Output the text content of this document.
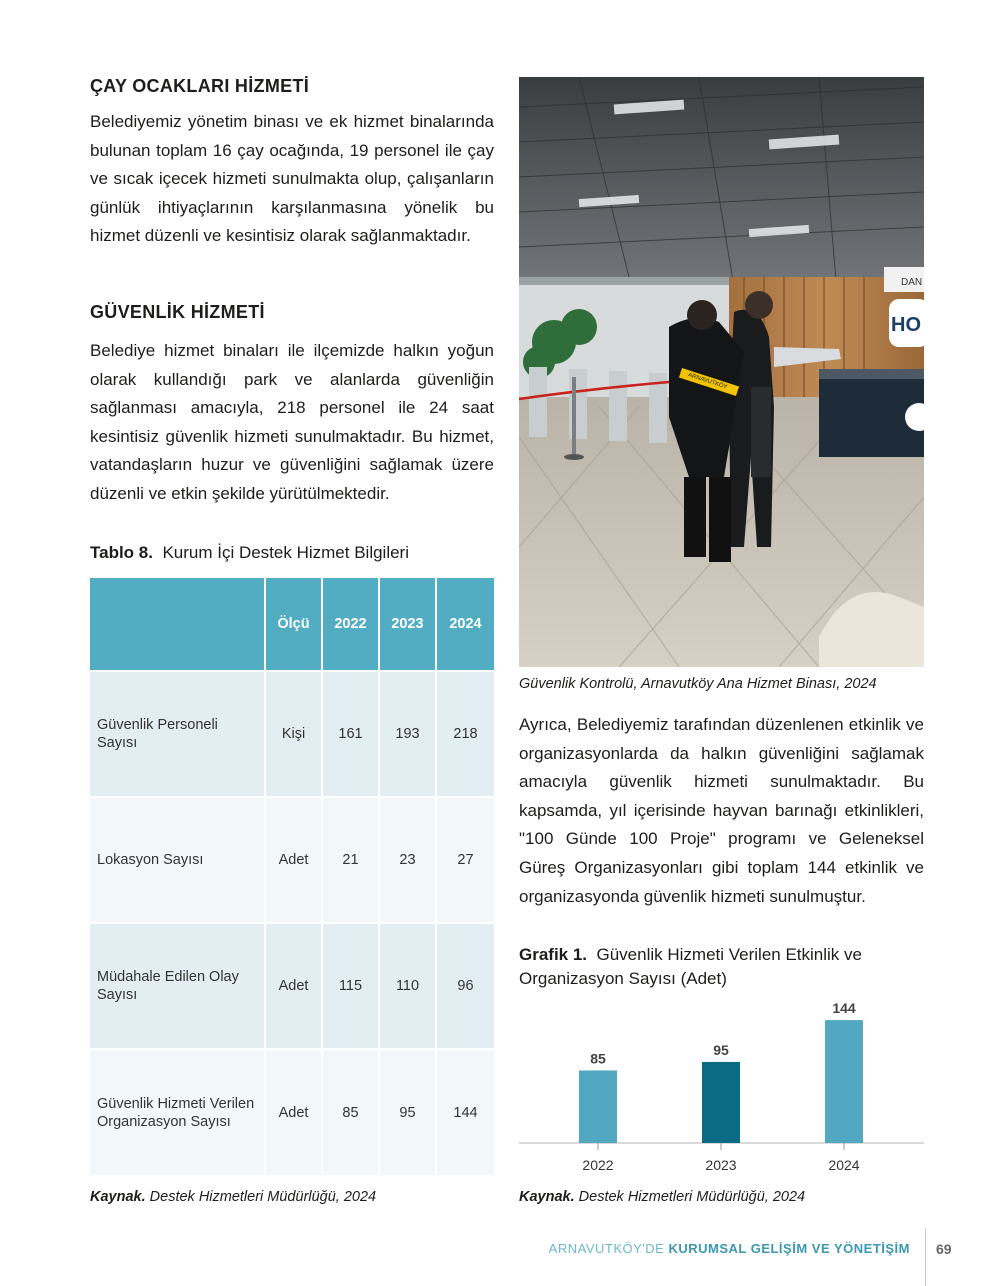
ÇAY OCAKLARI HİZMETİ

Belediyemiz yönetim binası ve ek hizmet binalarında bulunan toplam 16 çay ocağında, 19 personel ile çay ve sıcak içecek hizmeti sunulmakta olup, çalışanların günlük ihtiyaçlarının karşılanmasına yönelik bu hizmet düzenli ve kesintisiz olarak sağlanmaktadır.

GÜVENLİK HİZMETİ

Belediye hizmet binaları ile ilçemizde halkın yoğun olarak kullandığı park ve alanlarda güvenliğin sağlanması amacıyla, 218 personel ile 24 saat kesintisiz güvenlik hizmeti sunulmaktadır. Bu hizmet, vatandaşların huzur ve güvenliğini sağlamak üzere düzenli ve etkin şekilde yürütülmektedir.

Tablo 8. Kurum İçi Destek Hizmet Bilgileri
	Ölçü	2022	2023	2024
Güvenlik Personeli Sayısı	Kişi	161	193	218
Lokasyon Sayısı	Adet	21	23	27
Müdahale Edilen Olay Sayısı	Adet	115	110	96
Güvenlik Hizmeti Verilen Organizasyon Sayısı	Adet	85	95	144
Kaynak. Destek Hizmetleri Müdürlüğü, 2024
DAN
HO
ARNAVUTKÖY
Güvenlik Kontrolü, Arnavutköy Ana Hizmet Binası, 2024

Ayrıca, Belediyemiz tarafından düzenlenen etkinlik ve organizasyonlarda da halkın güvenliğini sağlamak amacıyla güvenlik hizmeti sunulmaktadır. Bu kapsamda, yıl içerisinde hayvan barınağı etkinlikleri, "100 Günde 100 Proje" programı ve Geleneksel Güreş Organizasyonları gibi toplam 144 etkinlik ve organizasyonda güvenlik hizmeti sunulmuştur.

Grafik 1. Güvenlik Hizmeti Verilen Etkinlik ve Organizasyon Sayısı (Adet)
85
2022
95
2023
144
2024
Kaynak. Destek Hizmetleri Müdürlüğü, 2024
ARNAVUTKÖY'DE KURUMSAL GELİŞİM VE YÖNETİŞİM 69
